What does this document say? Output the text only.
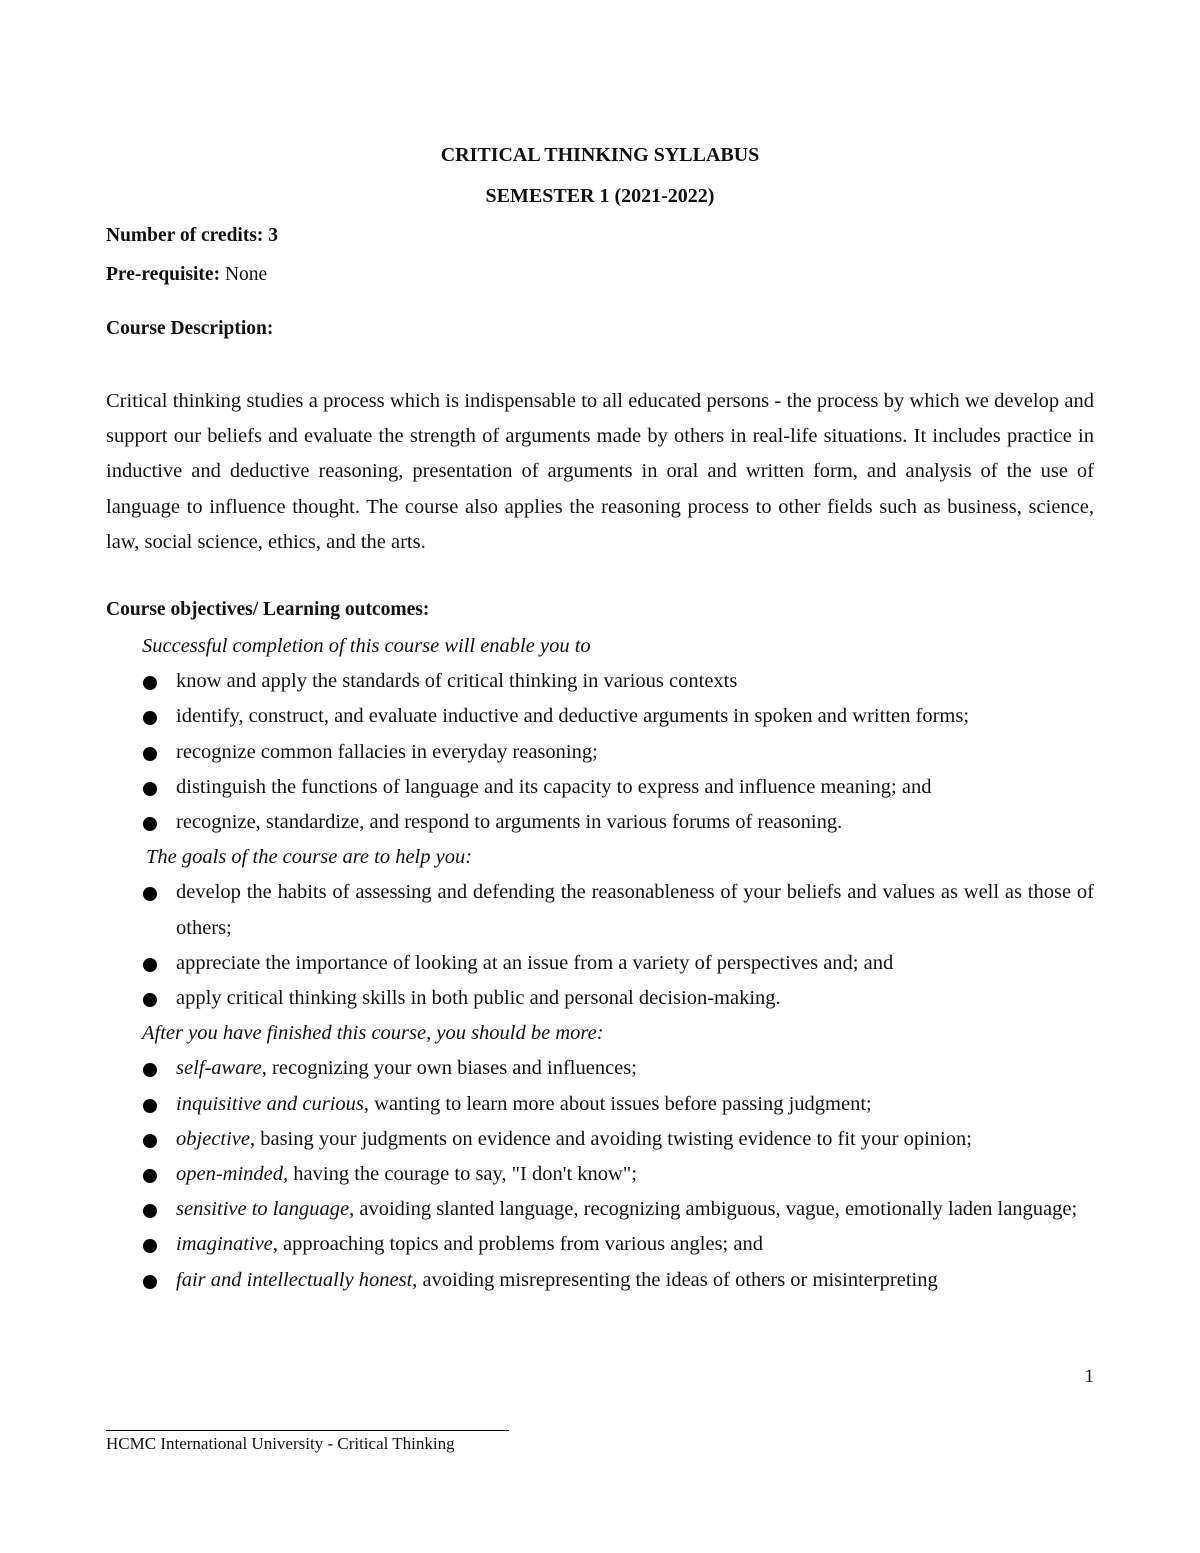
CRITICAL THINKING SYLLABUS
SEMESTER 1 (2021-2022)
Number of credits: 3
Pre-requisite: None
Course Description:
Critical thinking studies a process which is indispensable to all educated persons - the process by which we develop and support our beliefs and evaluate the strength of arguments made by others in real-life situations. It includes practice in inductive and deductive reasoning, presentation of arguments in oral and written form, and analysis of the use of language to influence thought. The course also applies the reasoning process to other fields such as business, science, law, social science, ethics, and the arts.
Course objectives/ Learning outcomes:
Successful completion of this course will enable you to
know and apply the standards of critical thinking in various contexts
identify, construct, and evaluate inductive and deductive arguments in spoken and written forms;
recognize common fallacies in everyday reasoning;
distinguish the functions of language and its capacity to express and influence meaning; and
recognize, standardize, and respond to arguments in various forums of reasoning.
The goals of the course are to help you:
develop the habits of assessing and defending the reasonableness of your beliefs and values as well as those of others;
appreciate the importance of looking at an issue from a variety of perspectives and; and
apply critical thinking skills in both public and personal decision-making.
After you have finished this course, you should be more:
self-aware, recognizing your own biases and influences;
inquisitive and curious, wanting to learn more about issues before passing judgment;
objective, basing your judgments on evidence and avoiding twisting evidence to fit your opinion;
open-minded, having the courage to say, "I don't know";
sensitive to language, avoiding slanted language, recognizing ambiguous, vague, emotionally laden language;
imaginative, approaching topics and problems from various angles; and
fair and intellectually honest, avoiding misrepresenting the ideas of others or misinterpreting
1
HCMC International University - Critical Thinking
